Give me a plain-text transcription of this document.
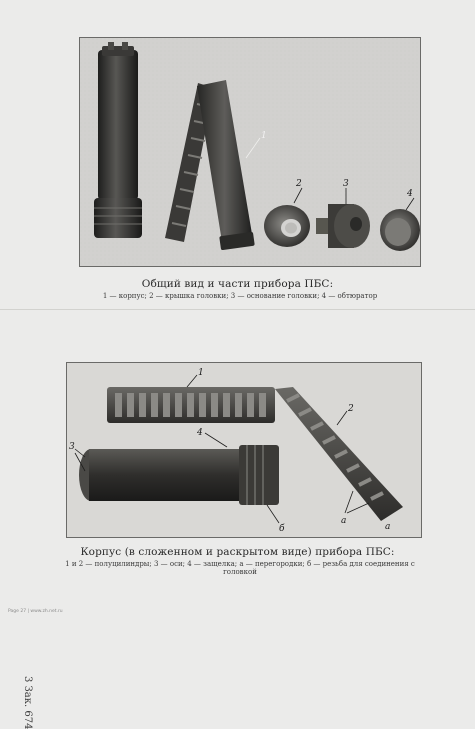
1
2	3
4
Общий вид и части прибора ПБС:
1 — корпус; 2 — крышка головки; 3 — основание головки; 4 — обтюратор
3 Зак. 674
1
2
а
3
4
б	а
Корпус (в сложенном и раскрытом виде) прибора ПБС:
1 и 2 — полуцилиндры; 3 — оси; 4 — защелка; а — перегородки; б — резьба для соединения с головкой
Page 27 | www.zh.net.ru
